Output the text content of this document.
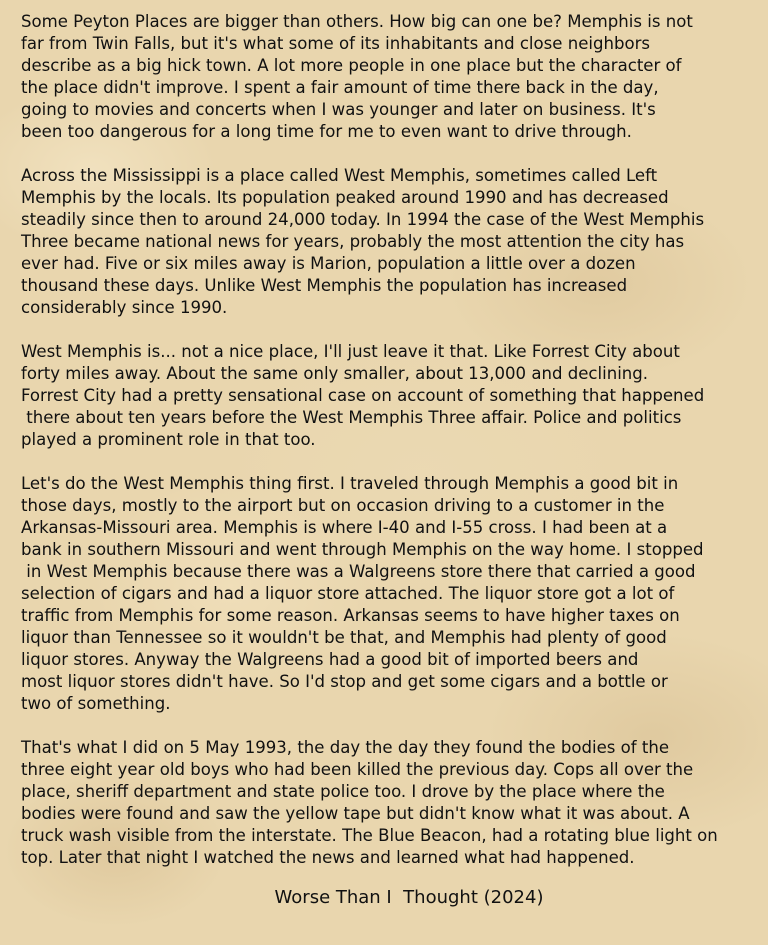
Some Peyton Places are bigger than others. How big can one be? Memphis is not
far from Twin Falls, but it's what some of its inhabitants and close neighbors
describe as a big hick town. A lot more people in one place but the character of
the place didn't improve. I spent a fair amount of time there back in the day,
going to movies and concerts when I was younger and later on business. It's
been too dangerous for a long time for me to even want to drive through.

Across the Mississippi is a place called West Memphis, sometimes called Left
Memphis by the locals. Its population peaked around 1990 and has decreased
steadily since then to around 24,000 today. In 1994 the case of the West Memphis
Three became national news for years, probably the most attention the city has
ever had. Five or six miles away is Marion, population a little over a dozen
thousand these days. Unlike West Memphis the population has increased
considerably since 1990.

West Memphis is... not a nice place, I'll just leave it that. Like Forrest City about
forty miles away. About the same only smaller, about 13,000 and declining.
Forrest City had a pretty sensational case on account of something that happened
there about ten years before the West Memphis Three affair. Police and politics
played a prominent role in that too.

Let's do the West Memphis thing first. I traveled through Memphis a good bit in
those days, mostly to the airport but on occasion driving to a customer in the
Arkansas-Missouri area. Memphis is where I-40 and I-55 cross. I had been at a
bank in southern Missouri and went through Memphis on the way home. I stopped
in West Memphis because there was a Walgreens store there that carried a good
selection of cigars and had a liquor store attached. The liquor store got a lot of
traffic from Memphis for some reason. Arkansas seems to have higher taxes on
liquor than Tennessee so it wouldn't be that, and Memphis had plenty of good
liquor stores. Anyway the Walgreens had a good bit of imported beers and
most liquor stores didn't have. So I'd stop and get some cigars and a bottle or
two of something.

That's what I did on 5 May 1993, the day the day they found the bodies of the
three eight year old boys who had been killed the previous day. Cops all over the
place, sheriff department and state police too. I drove by the place where the
bodies were found and saw the yellow tape but didn't know what it was about. A
truck wash visible from the interstate. The Blue Beacon, had a rotating blue light on
top. Later that night I watched the news and learned what had happened.

Worse Than I  Thought (2024)
